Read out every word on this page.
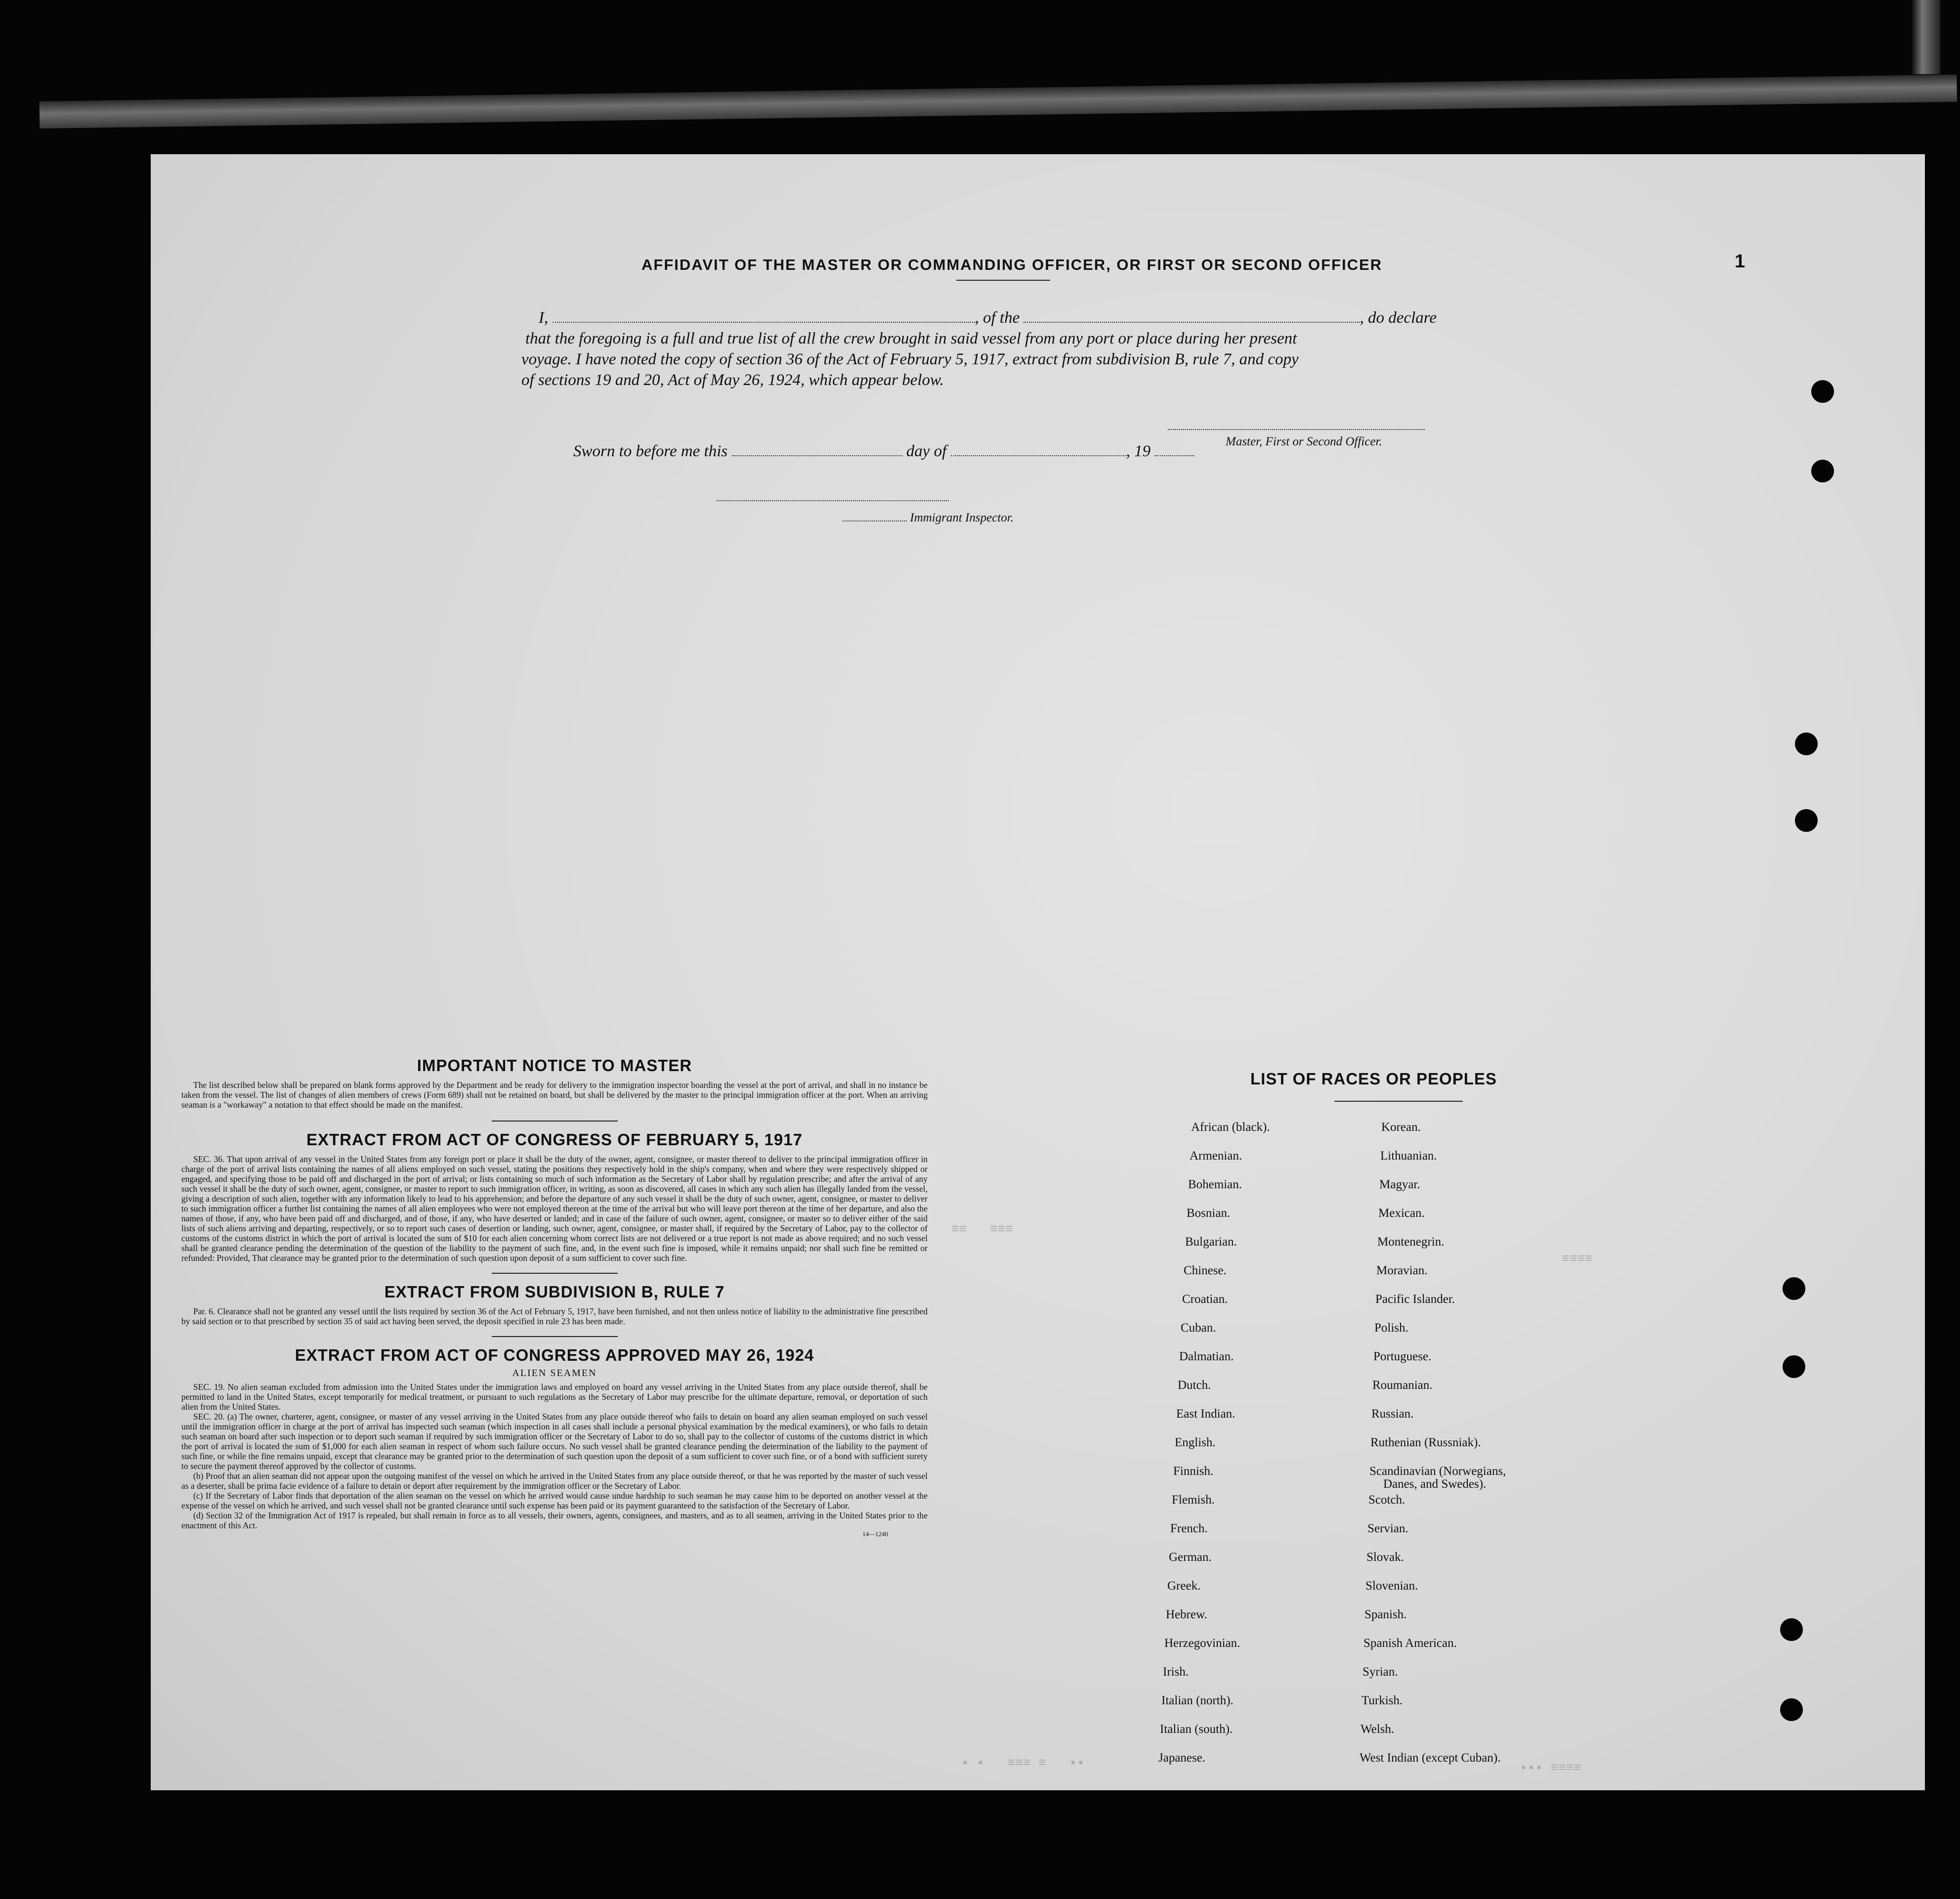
AFFIDAVIT OF THE MASTER OR COMMANDING OFFICER, OR FIRST OR SECOND OFFICER	1
I,	, of the	, do declare
that the foregoing is a full and true list of all the crew brought in said vessel from any port or place during her present
voyage. I have noted the copy of section 36 of the Act of February 5, 1917, extract from subdivision B, rule 7, and copy
of sections 19 and 20, Act of May 26, 1924, which appear below.
Master, First or Second Officer.
Sworn to before me this	day of	, 19
Immigrant Inspector.
IMPORTANT NOTICE TO MASTER

The list described below shall be prepared on blank forms approved by the Department and be ready for delivery to the immigration inspector boarding the vessel at the port of arrival, and shall in no instance be taken from the vessel. The list of changes of alien members of crews (Form 689) shall not be retained on board, but shall be delivered by the master to the principal immigration officer at the port. When an arriving seaman is a "workaway" a notation to that effect should be made on the manifest.

EXTRACT FROM ACT OF CONGRESS OF FEBRUARY 5, 1917

SEC. 36. That upon arrival of any vessel in the United States from any foreign port or place it shall be the duty of the owner, agent, consignee, or master thereof to deliver to the principal immigration officer in charge of the port of arrival lists containing the names of all aliens employed on such vessel, stating the positions they respectively hold in the ship's company, when and where they were respectively shipped or engaged, and specifying those to be paid off and discharged in the port of arrival; or lists containing so much of such information as the Secretary of Labor shall by regulation prescribe; and after the arrival of any such vessel it shall be the duty of such owner, agent, consignee, or master to report to such immigration officer, in writing, as soon as discovered, all cases in which any such alien has illegally landed from the vessel, giving a description of such alien, together with any information likely to lead to his apprehension; and before the departure of any such vessel it shall be the duty of such owner, agent, consignee, or master to deliver to such immigration officer a further list containing the names of all alien employees who were not employed thereon at the time of the arrival but who will leave port thereon at the time of her departure, and also the names of those, if any, who have been paid off and discharged, and of those, if any, who have deserted or landed; and in case of the failure of such owner, agent, consignee, or master so to deliver either of the said lists of such aliens arriving and departing, respectively, or so to report such cases of desertion or landing, such owner, agent, consignee, or master shall, if required by the Secretary of Labor, pay to the collector of customs of the customs district in which the port of arrival is located the sum of $10 for each alien concerning whom correct lists are not delivered or a true report is not made as above required; and no such vessel shall be granted clearance pending the determination of the question of the liability to the payment of such fine, and, in the event such fine is imposed, while it remains unpaid; nor shall such fine be remitted or refunded: Provided, That clearance may be granted prior to the determination of such question upon deposit of a sum sufficient to cover such fine.

EXTRACT FROM SUBDIVISION B, RULE 7

Par. 6. Clearance shall not be granted any vessel until the lists required by section 36 of the Act of February 5, 1917, have been furnished, and not then unless notice of liability to the administrative fine prescribed by said section or to that prescribed by section 35 of said act having been served, the deposit specified in rule 23 has been made.

EXTRACT FROM ACT OF CONGRESS APPROVED MAY 26, 1924
ALIEN SEAMEN

SEC. 19. No alien seaman excluded from admission into the United States under the immigration laws and employed on board any vessel arriving in the United States from any place outside thereof, shall be permitted to land in the United States, except temporarily for medical treatment, or pursuant to such regulations as the Secretary of Labor may prescribe for the ultimate departure, removal, or deportation of such alien from the United States.

SEC. 20. (a) The owner, charterer, agent, consignee, or master of any vessel arriving in the United States from any place outside thereof who fails to detain on board any alien seaman employed on such vessel until the immigration officer in charge at the port of arrival has inspected such seaman (which inspection in all cases shall include a personal physical examination by the medical examiners), or who fails to detain such seaman on board after such inspection or to deport such seaman if required by such immigration officer or the Secretary of Labor to do so, shall pay to the collector of customs of the customs district in which the port of arrival is located the sum of $1,000 for each alien seaman in respect of whom such failure occurs. No such vessel shall be granted clearance pending the determination of the liability to the payment of such fine, or while the fine remains unpaid, except that clearance may be granted prior to the determination of such question upon the deposit of a sum sufficient to cover such fine, or of a bond with sufficient surety to secure the payment thereof approved by the collector of customs.

(b) Proof that an alien seaman did not appear upon the outgoing manifest of the vessel on which he arrived in the United States from any place outside thereof, or that he was reported by the master of such vessel as a deserter, shall be prima facie evidence of a failure to detain or deport after requirement by the immigration officer or the Secretary of Labor.

(c) If the Secretary of Labor finds that deportation of the alien seaman on the vessel on which he arrived would cause undue hardship to such seaman he may cause him to be deported on another vessel at the expense of the vessel on which he arrived, and such vessel shall not be granted clearance until such expense has been paid or its payment guaranteed to the satisfaction of the Secretary of Labor.

(d) Section 32 of the Immigration Act of 1917 is repealed, but shall remain in force as to all vessels, their owners, agents, consignees, and masters, and as to all seamen, arriving in the United States prior to the enactment of this Act.

14—1240
LIST OF RACES OR PEOPLES
African (black).
Armenian.
Bohemian.
Bosnian.
Bulgarian.
Chinese.
Croatian.
Cuban.
Dalmatian.
Dutch.
East Indian.
English.
Finnish.
Flemish.
French.
German.
Greek.
Hebrew.
Herzegovinian.
Irish.
Italian (north).
Italian (south).
Japanese.
Korean.
Lithuanian.
Magyar.
Mexican.
Montenegrin.
Moravian.
Pacific Islander.
Polish.
Portuguese.
Roumanian.
Russian.
Ruthenian (Russniak).
Scandinavian (Norwegians,
Danes, and Swedes).
Scotch.
Servian.
Slovak.
Slovenian.
Spanish.
Spanish American.
Syrian.
Turkish.
Welsh.
West Indian (except Cuban).
≡≡   ≡≡≡
≡≡≡≡
▪ ▪   ≡≡≡ ≡   ▪▪	▪▪▪ ≡≡≡≡
